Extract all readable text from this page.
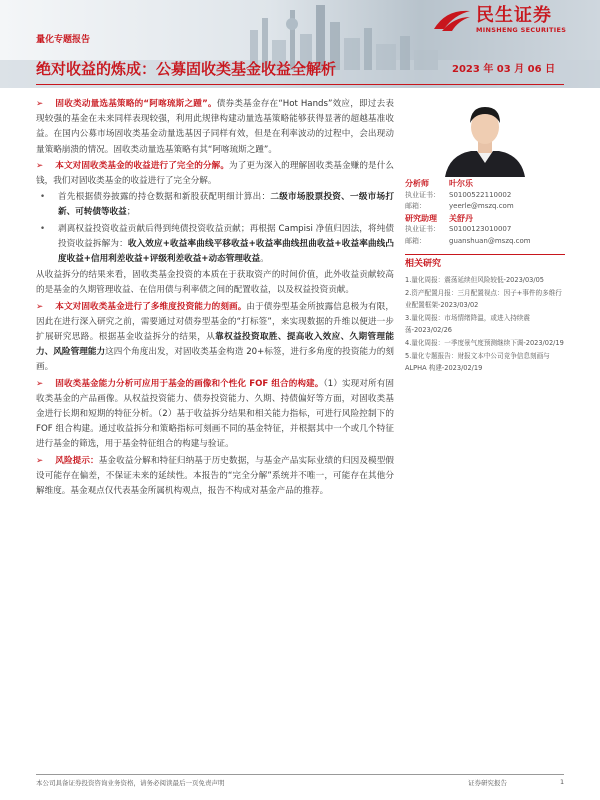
民生证券
MINSHENG SECURITIES
量化专题报告
绝对收益的炼成：公募固收类基金收益全解析	2023 年 03 月 06 日

➢ 固收类动量选基策略的“阿喀琉斯之踵”。债券类基金存在“Hot Hands”效应，即过去表现较强的基金在未来同样表现较强，利用此规律构建动量选基策略能够获得显著的超越基准收益。在国内公募市场固收类基金动量选基因子同样有效，但是在利率波动的过程中，会出现动量策略崩溃的情况。固收类动量选基策略有其“阿喀琉斯之踵”。

➢ 本文对固收类基金的收益进行了完全的分解。为了更为深入的理解固收类基金赚的是什么钱，我们对固收类基金的收益进行了完全分解。

• 首先根据债券披露的持仓数据和新股获配明细计算出：二级市场股票投资、一级市场打新、可转债等收益；

• 剥离权益投资收益贡献后得到纯债投资收益贡献；再根据 Campisi 净值归因法，将纯债投资收益拆解为：收入效应+收益率曲线平移收益+收益率曲线扭曲收益+收益率曲线凸度收益+信用利差收益+评级利差收益+动态管理收益。

从收益拆分的结果来看，固收类基金投资的本质在于获取资产的时间价值，此外收益贡献较高的是基金的久期管理收益、在信用债与利率债之间的配置收益，以及权益投资贡献。

➢ 本文对固收类基金进行了多维度投资能力的刻画。由于债券型基金所披露信息极为有限，因此在进行深入研究之前，需要通过对债券型基金的“打标签”，来实现数据的升维以便进一步扩展研究思路。根据基金收益拆分的结果，从靠权益投资取胜、提高收入效应、久期管理能力、风险管理能力这四个角度出发，对固收类基金构造 20+标签，进行多角度的投资能力的刻画。

➢ 固收类基金能力分析可应用于基金的画像和个性化 FOF 组合的构建。（1）实现对所有固收类基金的产品画像。从权益投资能力、债券投资能力、久期、持债偏好等方面，对固收类基金进行长期和短期的特征分析。（2）基于收益拆分结果和相关能力指标，可进行风险控制下的 FOF 组合构建。通过收益拆分和策略指标可刻画不同的基金特征，并根据其中一个或几个特征进行基金的筛选，用于基金特征组合的构建与验证。

➢ 风险提示：基金收益分解和特征归纳基于历史数据，与基金产品实际业绩的归因及模型假设可能存在偏差，不保证未来的延续性。本报告的“完全分解”系统并不唯一，可能存在其他分解维度。基金观点仅代表基金所属机构观点，报告不构成对基金产品的推荐。

分析师	叶尔乐
执业证书：	S0100522110002
邮箱：	yeerle@mszq.com
研究助理	关舒丹
执业证书：	S0100123010007
邮箱：	guanshuan@mszq.com
相关研究
1.量化周报：震荡延续但风险较低-2023/03/05
2.资产配置月报：三月配置视点：因子+事件的多维行业配置框架-2023/03/02
3.量化周报：市场情绪降温，或进入持续震荡-2023/02/26
4.量化周报：一季度景气度预测继续下调-2023/02/19
5.量化专题报告：财报文本中公司竞争信息刻画与 ALPHA 构建-2023/02/19
本公司具备证券投资咨询业务资格，请务必阅读最后一页免责声明	证券研究报告	1
